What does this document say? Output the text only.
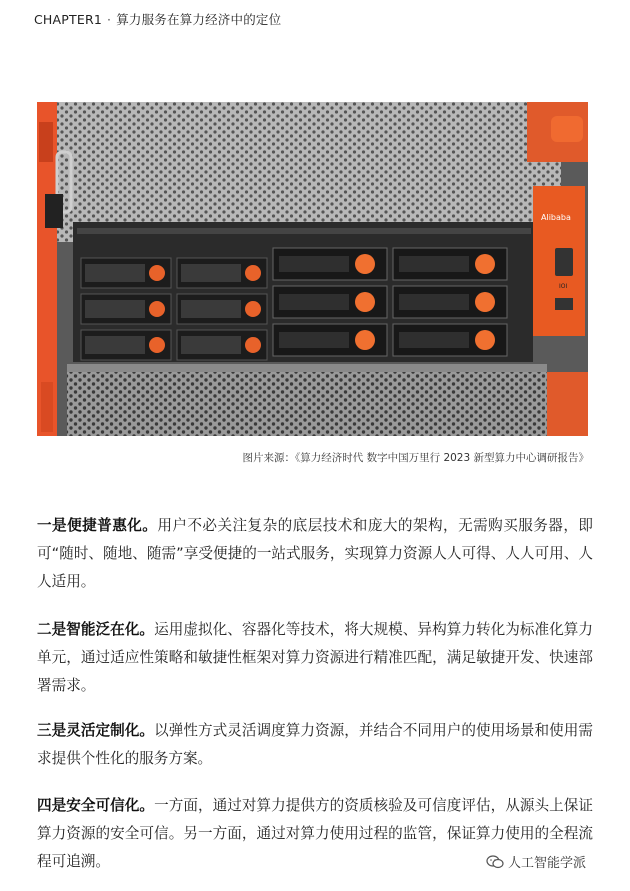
CHAPTER1 · 算力服务在算力经济中的定位
Alibaba
IOI
图片来源：《算力经济时代 数字中国万里行 2023 新型算力中心调研报告》
一是便捷普惠化。用户不必关注复杂的底层技术和庞大的架构，无需购买服务器，即可“随时、随地、随需”享受便捷的一站式服务，实现算力资源人人可得、人人可用、人人适用。
二是智能泛在化。运用虚拟化、容器化等技术，将大规模、异构算力转化为标准化算力单元，通过适应性策略和敏捷性框架对算力资源进行精准匹配，满足敏捷开发、快速部署需求。
三是灵活定制化。以弹性方式灵活调度算力资源，并结合不同用户的使用场景和使用需求提供个性化的服务方案。
四是安全可信化。一方面，通过对算力提供方的资质核验及可信度评估，从源头上保证算力资源的安全可信。另一方面，通过对算力使用过程的监管，保证算力使用的全程流程可追溯。	人工智能学派
